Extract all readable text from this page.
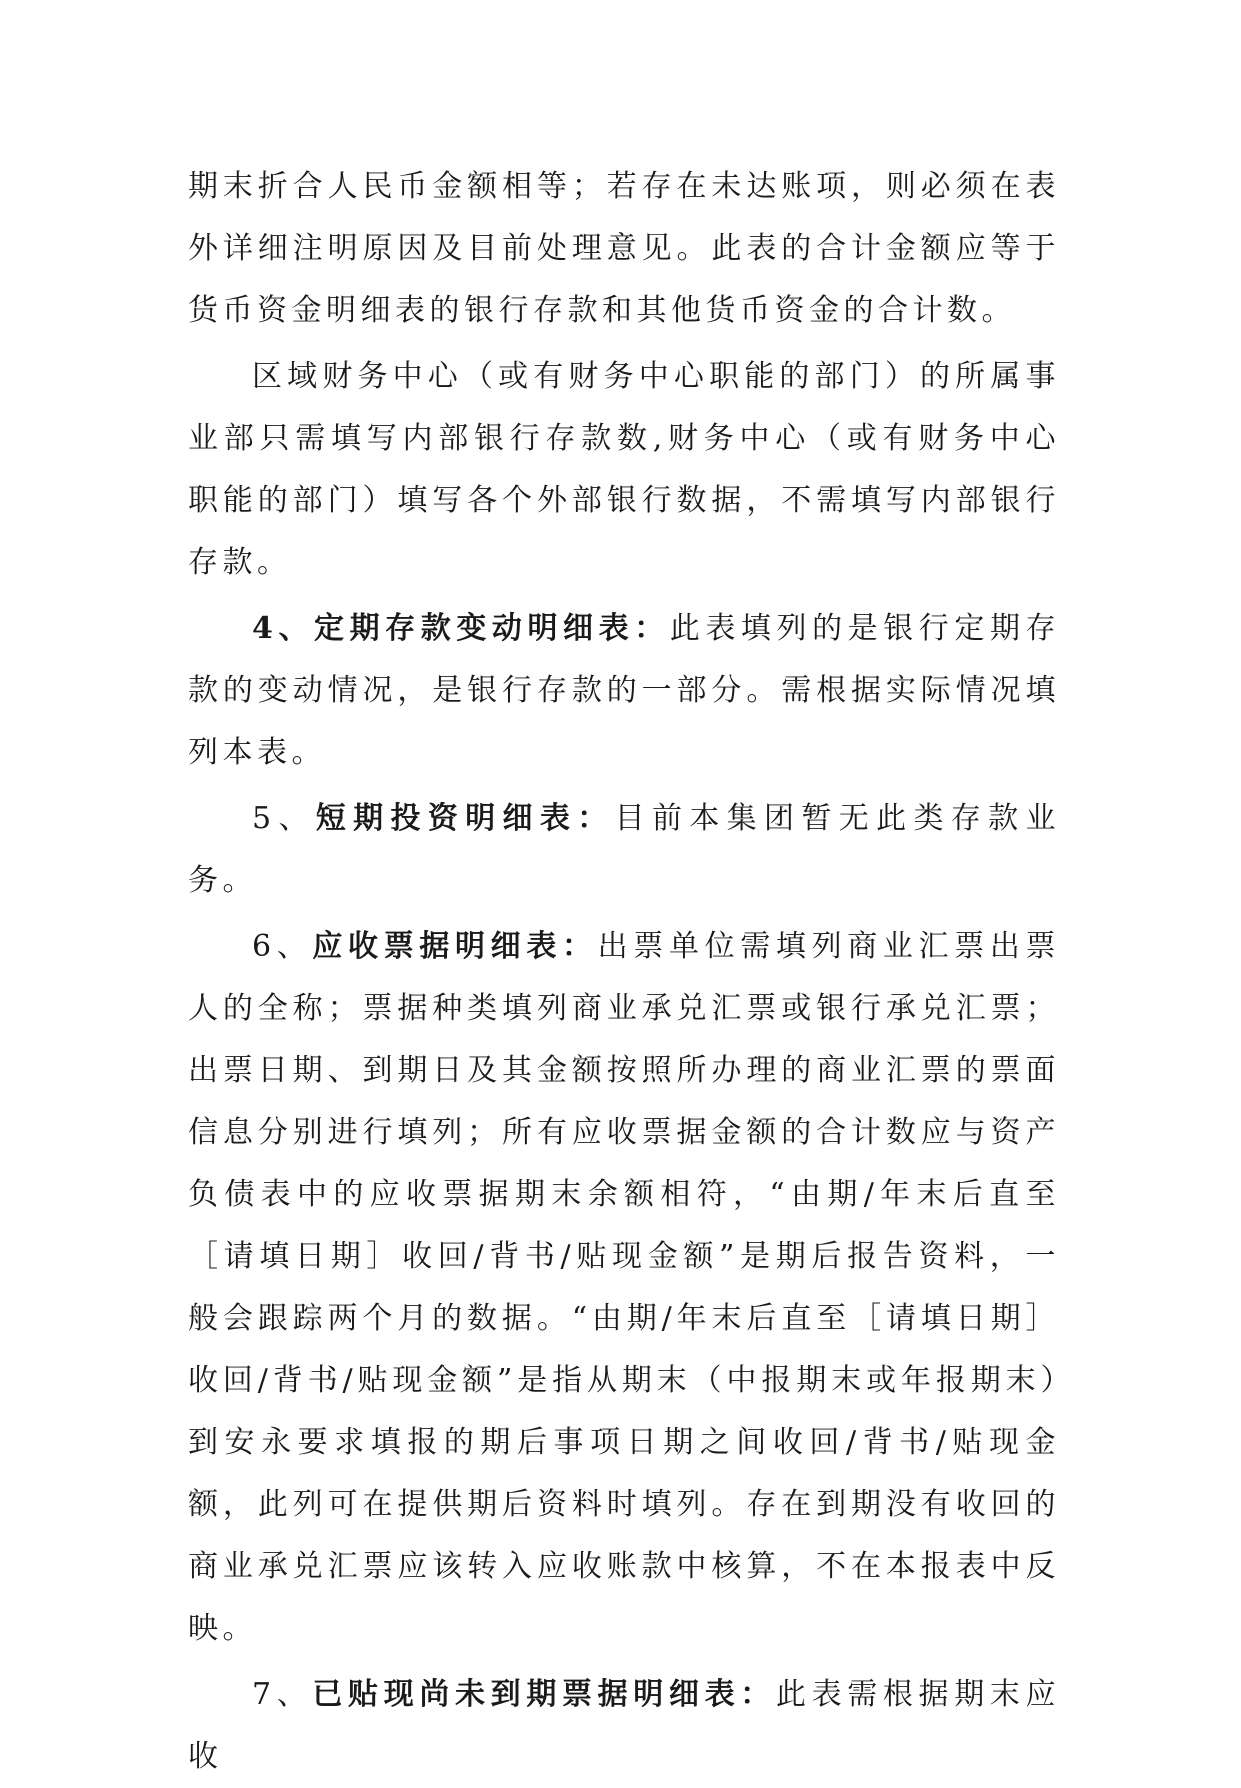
期末折合人民币金额相等；若存在未达账项，则必须在表外详细注明原因及目前处理意见。此表的合计金额应等于货币资金明细表的银行存款和其他货币资金的合计数。

区域财务中心（或有财务中心职能的部门）的所属事业部只需填写内部银行存款数,财务中心（或有财务中心职能的部门）填写各个外部银行数据，不需填写内部银行存款。

4、定期存款变动明细表：此表填列的是银行定期存款的变动情况，是银行存款的一部分。需根据实际情况填列本表。

5、短期投资明细表：目前本集团暂无此类存款业务。

6、应收票据明细表：出票单位需填列商业汇票出票人的全称；票据种类填列商业承兑汇票或银行承兑汇票；出票日期、到期日及其金额按照所办理的商业汇票的票面信息分别进行填列；所有应收票据金额的合计数应与资产负债表中的应收票据期末余额相符，“由期/年末后直至［请填日期］收回/背书/贴现金额”是期后报告资料，一般会跟踪两个月的数据。“由期/年末后直至［请填日期］收回/背书/贴现金额”是指从期末（中报期末或年报期末）到安永要求填报的期后事项日期之间收回/背书/贴现金额，此列可在提供期后资料时填列。存在到期没有收回的商业承兑汇票应该转入应收账款中核算，不在本报表中反映。

7、已贴现尚未到期票据明细表：此表需根据期末应收
